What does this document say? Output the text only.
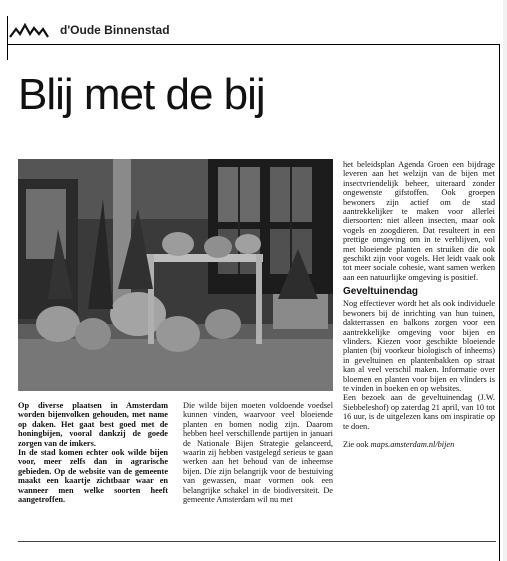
d'Oude Binnenstad
Blij met de bij

Op diverse plaatsen in Amsterdam worden bijenvolken gehouden, met name op daken. Het gaat best goed met de honingbijen, vooral dankzij de goede zorgen van de imkers.

In de stad komen echter ook wilde bijen voor, meer zelfs dan in agrarische gebieden. Op de website van de gemeente maakt een kaartje zichtbaar waar en wanneer men welke soorten heeft aangetroffen.

Die wilde bijen moeten voldoende voedsel kunnen vinden, waarvoor veel bloeiende planten en bomen nodig zijn. Daarom hebben heel verschillende partijen in januari de Nationale Bijen Strategie gelanceerd, waarin zij hebben vastgelegd serieus te gaan werken aan het behoud van de inheemse bijen. Die zijn belangrijk voor de bestuiving van gewassen, maar vormen ook een belangrijke schakel in de biodiversiteit. De gemeente Amsterdam wil nu met

het beleidsplan Agenda Groen een bijdrage leveren aan het welzijn van de bijen met insectvriendelijk beheer, uiteraard zonder ongewenste gifstoffen. Ook groepen bewoners zijn actief om de stad aantrekkelijker te maken voor allerlei diersoorten: niet alleen insecten, maar ook vogels en zoogdieren. Dat resulteert in een prettige omgeving om in te verblijven, vol met bloeiende planten en struiken die ook geschikt zijn voor vogels. Het leidt vaak ook tot meer sociale cohesie, want samen werken aan een natuurlijke omgeving is positief.

Geveltuinendag

Nog effectiever wordt het als ook individuele bewoners bij de inrichting van hun tuinen, dakterrassen en balkons zorgen voor een aantrekkelijke omgeving voor bijen en vlinders. Kiezen voor geschikte bloeiende planten (bij voorkeur biologisch of inheems) in geveltuinen en plantenbakken op straat kan al veel verschil maken. Informatie over bloemen en planten voor bijen en vlinders is te vinden in boeken en op websites.

Een bezoek aan de geveltuinendag (J.W. Siebbeleshof) op zaterdag 21 april, van 10 tot 16 uur, is de uitgelezen kans om inspiratie op te doen.

Zie ook maps.amsterdam.nl/bijen
